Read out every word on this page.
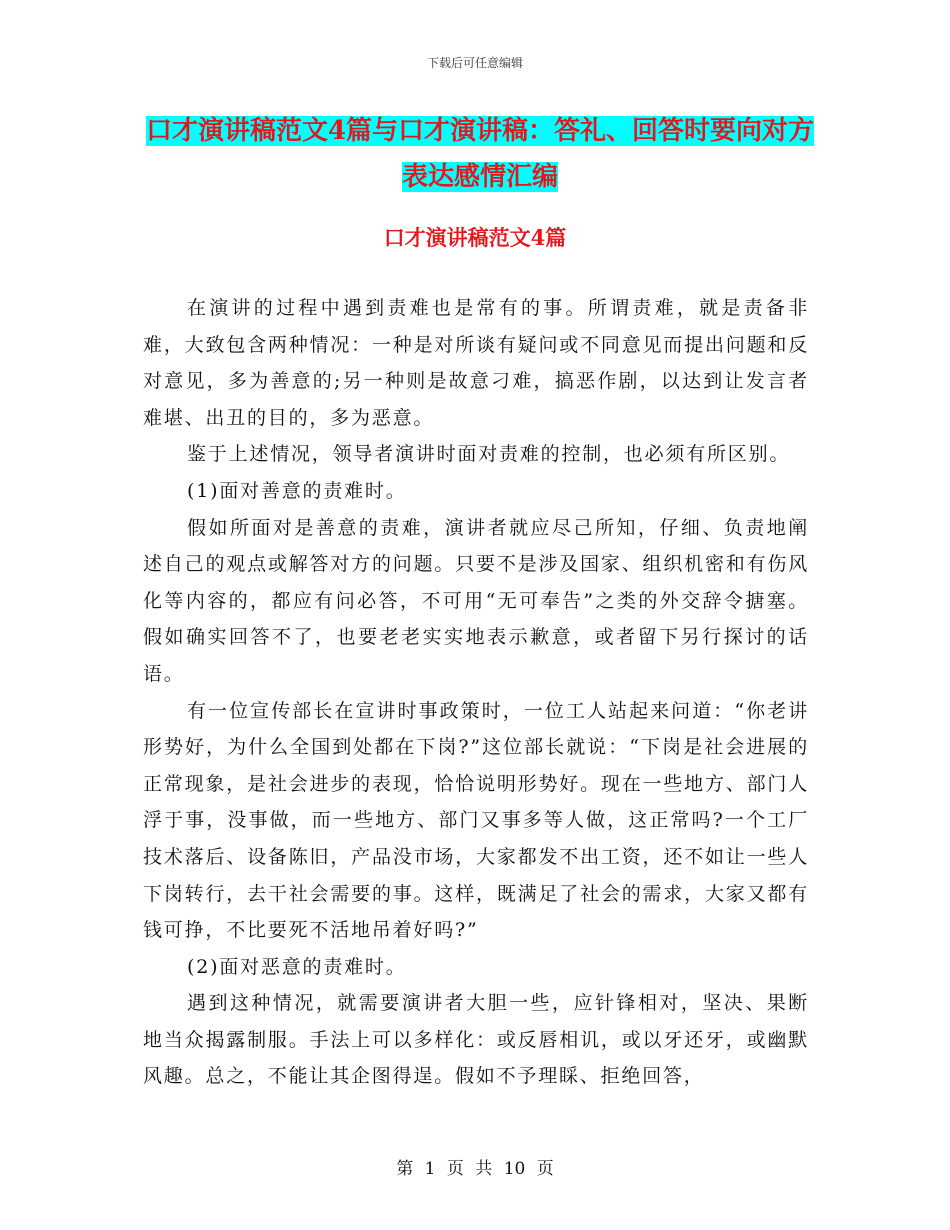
下载后可任意编辑
口才演讲稿范文4篇与口才演讲稿：答礼、回答时要向对方表达感情汇编
口才演讲稿范文4篇

在演讲的过程中遇到责难也是常有的事。所谓责难，就是责备非难，大致包含两种情况：一种是对所谈有疑问或不同意见而提出问题和反对意见，多为善意的;另一种则是故意刁难，搞恶作剧，以达到让发言者难堪、出丑的目的，多为恶意。

鉴于上述情况，领导者演讲时面对责难的控制，也必须有所区别。

(1)面对善意的责难时。

假如所面对是善意的责难，演讲者就应尽己所知，仔细、负责地阐述自己的观点或解答对方的问题。只要不是涉及国家、组织机密和有伤风化等内容的，都应有问必答，不可用“无可奉告”之类的外交辞令搪塞。假如确实回答不了，也要老老实实地表示歉意，或者留下另行探讨的话语。

有一位宣传部长在宣讲时事政策时，一位工人站起来问道：“你老讲形势好，为什么全国到处都在下岗?”这位部长就说：“下岗是社会进展的正常现象，是社会进步的表现，恰恰说明形势好。现在一些地方、部门人浮于事，没事做，而一些地方、部门又事多等人做，这正常吗?一个工厂技术落后、设备陈旧，产品没市场，大家都发不出工资，还不如让一些人下岗转行，去干社会需要的事。这样，既满足了社会的需求，大家又都有钱可挣，不比要死不活地吊着好吗?”

(2)面对恶意的责难时。

遇到这种情况，就需要演讲者大胆一些，应针锋相对，坚决、果断地当众揭露制服。手法上可以多样化：或反唇相讥，或以牙还牙，或幽默风趣。总之，不能让其企图得逞。假如不予理睬、拒绝回答，

第 1 页 共 10 页
